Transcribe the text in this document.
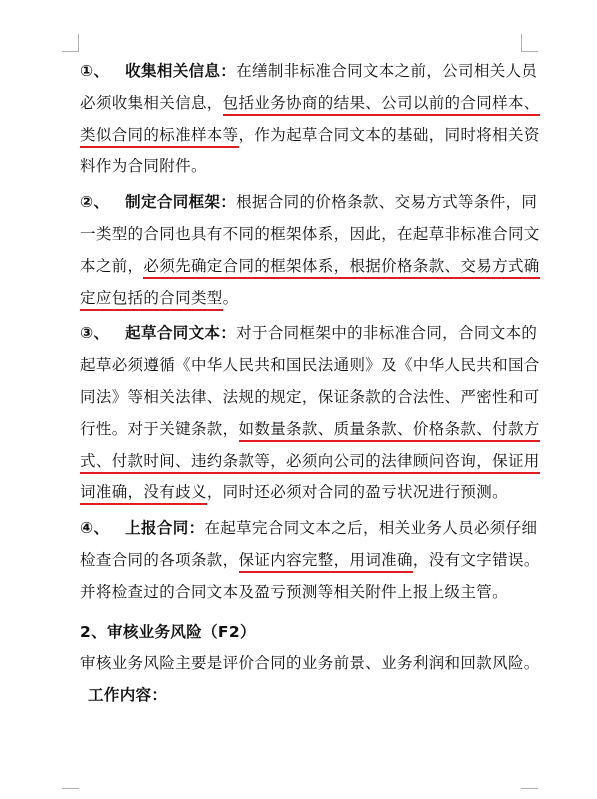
①、 收集相关信息：在缮制非标准合同文本之前，公司相关人员必须收集相关信息，包括业务协商的结果、公司以前的合同样本、类似合同的标准样本等，作为起草合同文本的基础，同时将相关资料作为合同附件。

②、 制定合同框架：根据合同的价格条款、交易方式等条件，同一类型的合同也具有不同的框架体系，因此，在起草非标准合同文本之前，必须先确定合同的框架体系，根据价格条款、交易方式确定应包括的合同类型。

③、 起草合同文本：对于合同框架中的非标准合同，合同文本的起草必须遵循《中华人民共和国民法通则》及《中华人民共和国合同法》等相关法律、法规的规定，保证条款的合法性、严密性和可行性。对于关键条款，如数量条款、质量条款、价格条款、付款方式、付款时间、违约条款等，必须向公司的法律顾问咨询，保证用词准确，没有歧义，同时还必须对合同的盈亏状况进行预测。

④、 上报合同：在起草完合同文本之后，相关业务人员必须仔细检查合同的各项条款，保证内容完整，用词准确，没有文字错误。并将检查过的合同文本及盈亏预测等相关附件上报上级主管。

2、审核业务风险（F2）

审核业务风险主要是评价合同的业务前景、业务利润和回款风险。

工作内容：
